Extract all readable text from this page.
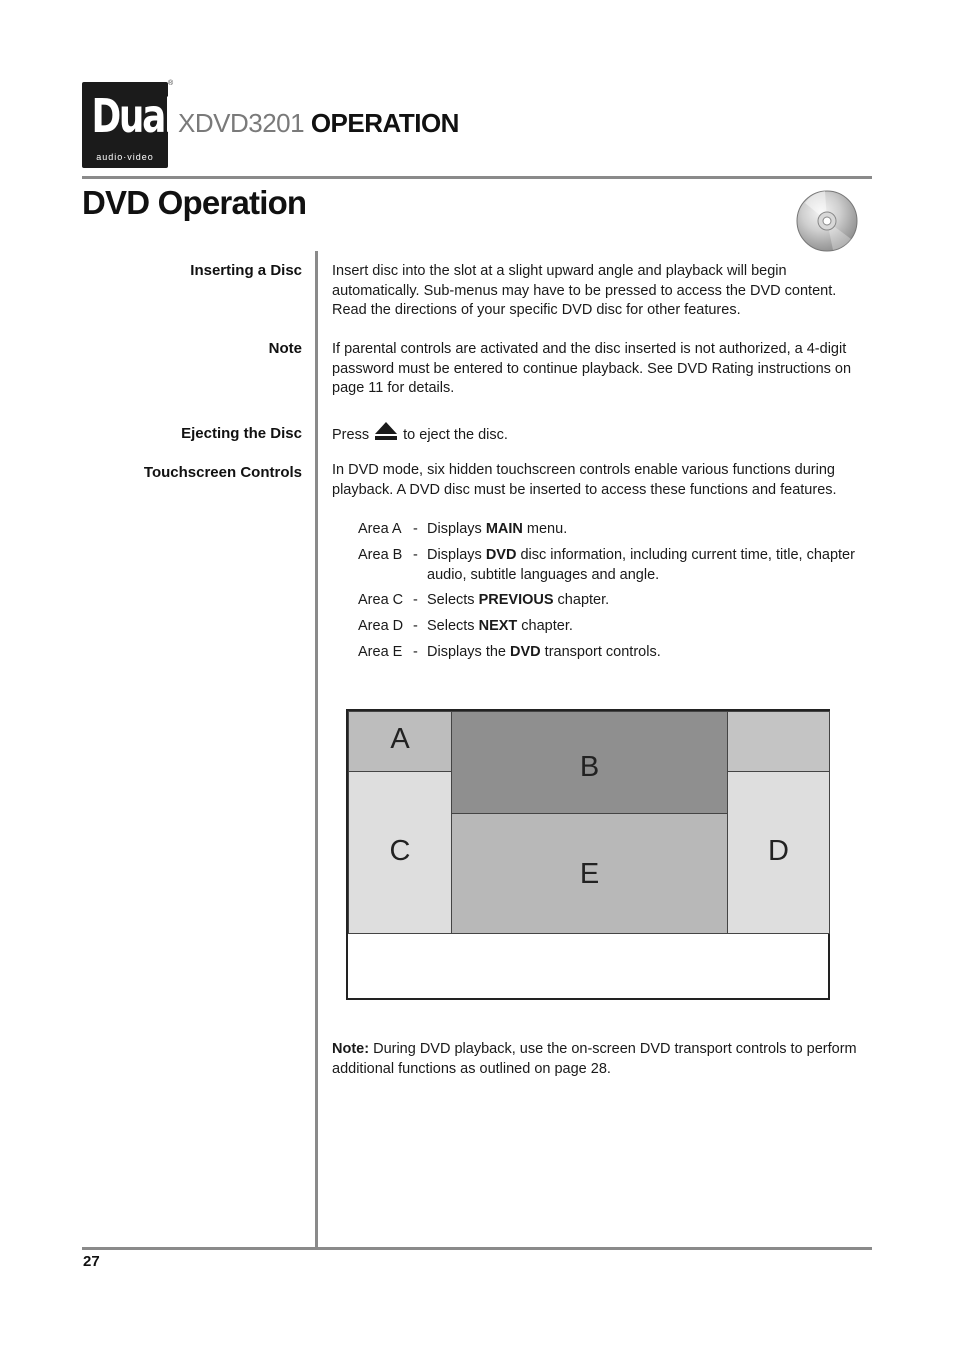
Dual
audio·video
®
XDVD3201 OPERATION
DVD Operation
Inserting a Disc Insert disc into the slot at a slight upward angle and playback will begin automatically. Sub-menus may have to be pressed to access the DVD content. Read the directions of your specific DVD disc for other features.
Note If parental controls are activated and the disc inserted is not authorized, a 4-digit password must be entered to continue playback. See DVD Rating instructions on page 11 for details.
Ejecting the Disc Press to eject the disc.
Touchscreen Controls In DVD mode, six hidden touchscreen controls enable various functions during playback. A DVD disc must be inserted to access these functions and features.
Area A - Displays MAIN menu.
Area B - Displays DVD disc information, including current time, title, chapter audio, subtitle languages and angle.
Area C - Selects PREVIOUS chapter.
Area D - Selects NEXT chapter.
Area E - Displays the DVD transport controls.
A
B
C
E
D
Note: During DVD playback, use the on-screen DVD transport controls to perform additional functions as outlined on page 28.
27
